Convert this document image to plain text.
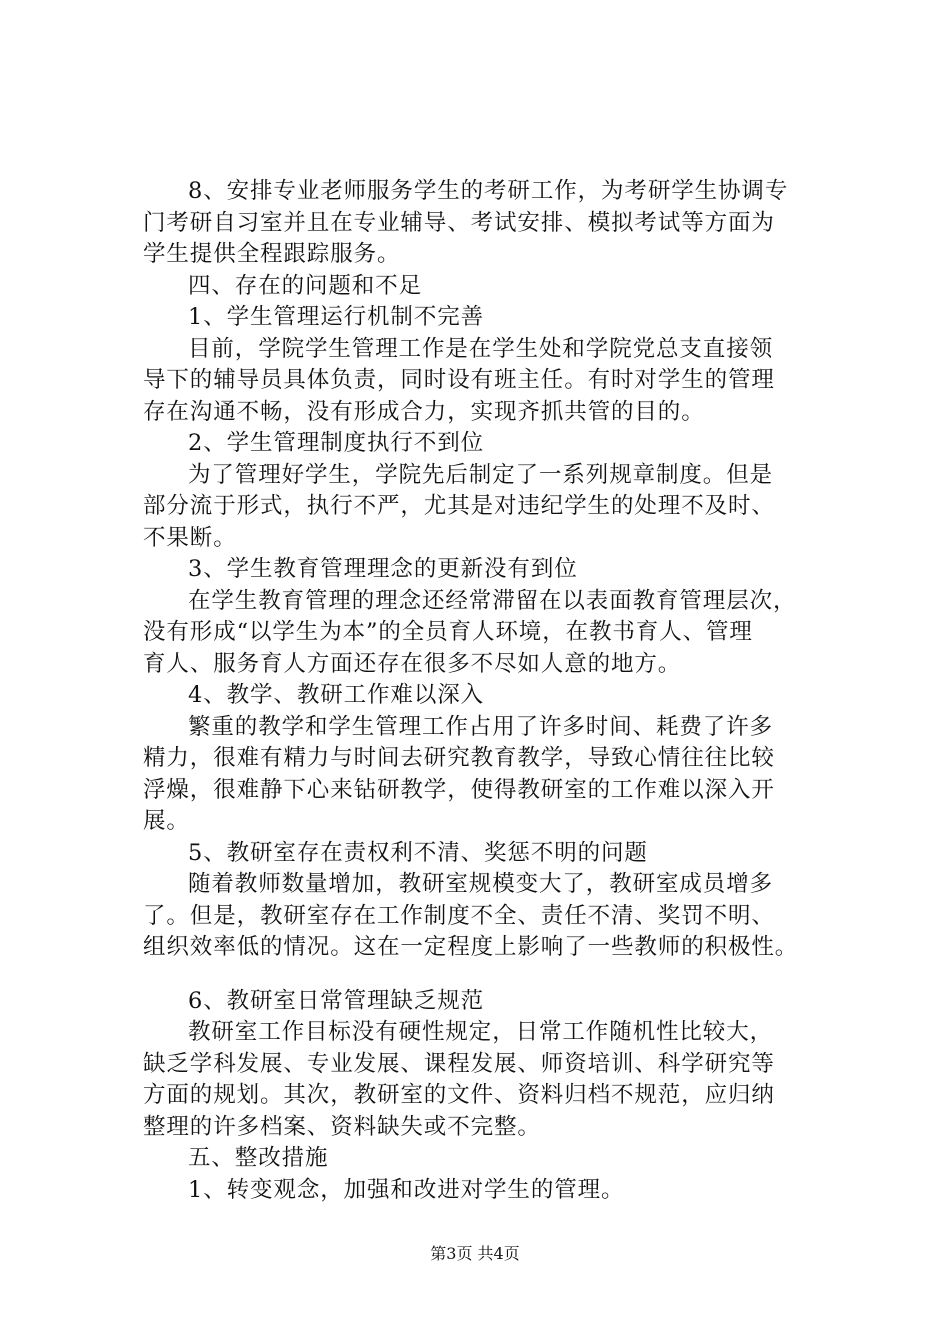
8、安排专业老师服务学生的考研工作，为考研学生协调专
门考研自习室并且在专业辅导、考试安排、模拟考试等方面为
学生提供全程跟踪服务。
四、存在的问题和不足
1、学生管理运行机制不完善
目前，学院学生管理工作是在学生处和学院党总支直接领
导下的辅导员具体负责，同时设有班主任。有时对学生的管理
存在沟通不畅，没有形成合力，实现齐抓共管的目的。
2、学生管理制度执行不到位
为了管理好学生，学院先后制定了一系列规章制度。但是
部分流于形式，执行不严，尤其是对违纪学生的处理不及时、
不果断。
3、学生教育管理理念的更新没有到位
在学生教育管理的理念还经常滞留在以表面教育管理层次，
没有形成“以学生为本”的全员育人环境，在教书育人、管理
育人、服务育人方面还存在很多不尽如人意的地方。
4、教学、教研工作难以深入
繁重的教学和学生管理工作占用了许多时间、耗费了许多
精力，很难有精力与时间去研究教育教学，导致心情往往比较
浮燥，很难静下心来钻研教学，使得教研室的工作难以深入开
展。
5、教研室存在责权利不清、奖惩不明的问题
随着教师数量增加，教研室规模变大了，教研室成员增多
了。但是，教研室存在工作制度不全、责任不清、奖罚不明、
组织效率低的情况。这在一定程度上影响了一些教师的积极性。
6、教研室日常管理缺乏规范
教研室工作目标没有硬性规定，日常工作随机性比较大，
缺乏学科发展、专业发展、课程发展、师资培训、科学研究等
方面的规划。其次，教研室的文件、资料归档不规范，应归纳
整理的许多档案、资料缺失或不完整。
五、整改措施
1、转变观念，加强和改进对学生的管理。
第3页 共4页
